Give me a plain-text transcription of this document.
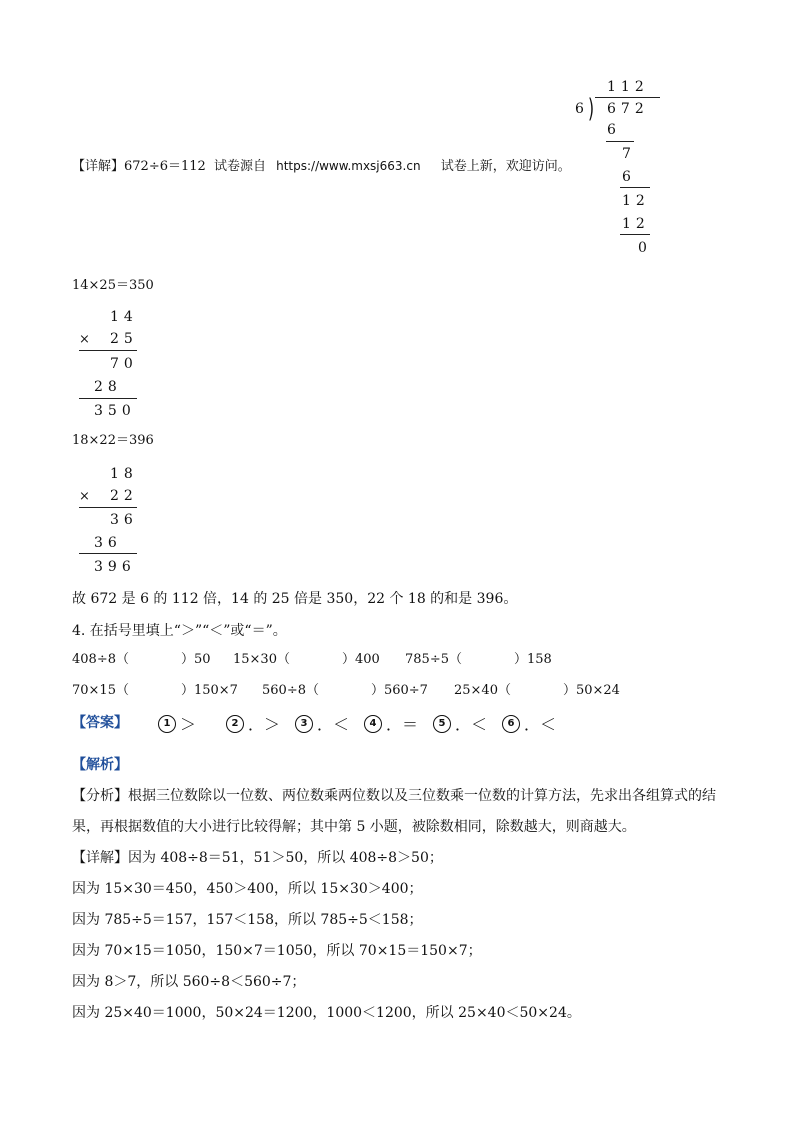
112
6 ) 672
6
7
6
12
12
0
【详解】672÷6＝112 试卷源自 https://www.mxsj663.cn 试卷上新，欢迎访问。
14×25＝350
14
× 25
70
28
350
18×22＝396
18
× 22
36
36
396
故 672 是 6 的 112 倍，14 的 25 倍是 350，22 个 18 的和是 396。
4. 在括号里填上“＞”“＜”或“＝”。
408÷8（　　　　）50 15×30（　　　　）400 785÷5（　　　　）158
70×15（　　　　）150×7 560÷8（　　　　）560÷7 25×40（　　　　）50×24
【答案】	1 ＞	2 ．＞	3 ．＜	4 ．＝	5 ．＜	6 ．＜
【解析】
【分析】根据三位数除以一位数、两位数乘两位数以及三位数乘一位数的计算方法，先求出各组算式的结
果，再根据数值的大小进行比较得解；其中第 5 小题，被除数相同，除数越大，则商越大。
【详解】因为 408÷8＝51，51＞50，所以 408÷8＞50；
因为 15×30＝450，450＞400，所以 15×30＞400；
因为 785÷5＝157，157＜158，所以 785÷5＜158；
因为 70×15＝1050，150×7＝1050，所以 70×15＝150×7；
因为 8＞7，所以 560÷8＜560÷7；
因为 25×40＝1000，50×24＝1200，1000＜1200，所以 25×40＜50×24。
